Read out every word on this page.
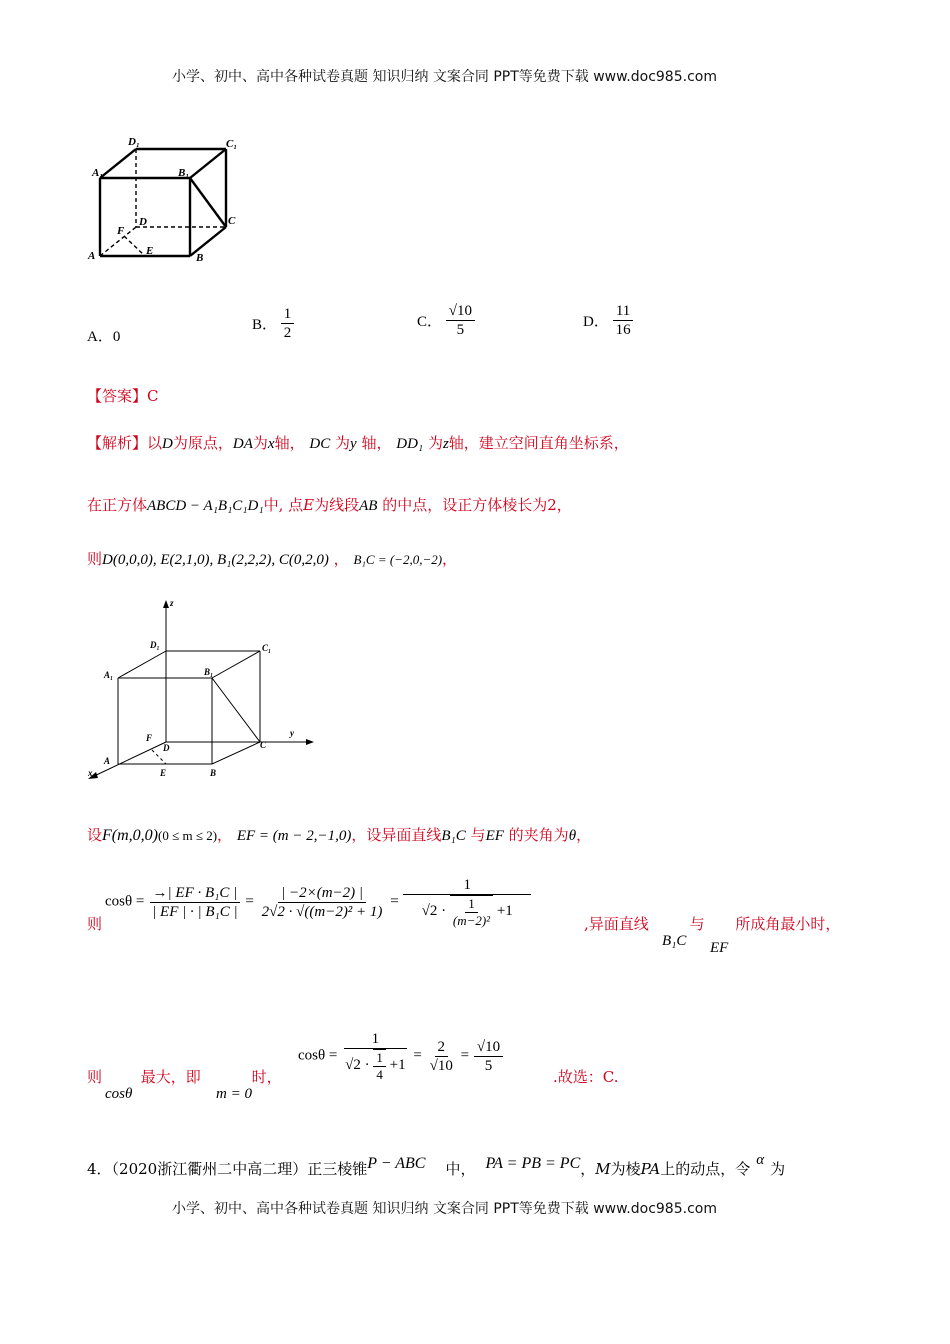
小学、初中、高中各种试卷真题 知识归纳 文案合同 PPT等免费下载 www.doc985.com
D₁	C₁
A₁	B₁
D	C
F
A	E
B
A．0
B． $\frac{1}{2}$	C． $\frac{√10}{5}$	D． $\frac{11}{16}$
【答案】C
【解析】以D为原点，DA为x轴， DC 为y 轴， DD₁ 为z轴，建立空间直角坐标系，
在正方体ABCD − A₁B₁C₁D₁中, 点E为线段AB 的中点，设正方体棱长为2，
则D(0,0,0), E(2,1,0), B₁(2,2,2), C(0,2,0) ， B₁C = (−2,0,−2)，
z
D₁	C₁
A₁	B₁
y
F
D	C
A
x	E	B
设F(m,0,0)(0 ≤ m ≤ 2)， EF = (m − 2,−1,0)，设异面直线B₁C 与EF 的夹角为θ，
则
$\cos\theta = \frac{\text{→| EF · B₁C |}}{\text{| EF | · | B₁C |}} = \frac{| -2\times(m-2) |}{\text{2√2 · √((m−2)² + 1)}} = \frac{1}{√2 \cdot \frac{1}{\text{(m−2)²}} +1}$	,异面直线	与 所成角最小时，
B₁C EF
则	最大，即	时，
cosθ	m = 0
$\cos\theta = \frac{1}{√2 \cdot \frac{1}{4} +1} = \frac{2}{√10} = \frac{√10}{5}$
.故选：C.
4．（2020浙江衢州二中高二理）正三棱锥P − ABC 中， PA = PB = PC，M为棱PA上的动点，令 α 为
小学、初中、高中各种试卷真题 知识归纳 文案合同 PPT等免费下载 www.doc985.com
